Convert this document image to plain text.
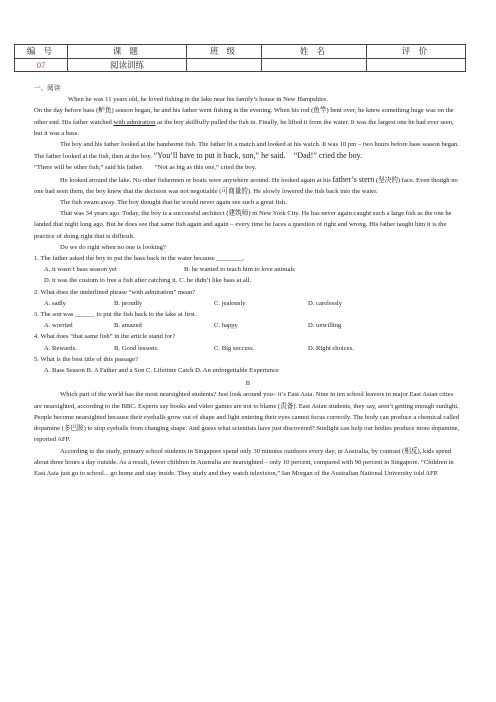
编 号	课 题	班 级	姓 名	评 价
07	阅读训练			

一、阅读

When he was 11 years old, he loved fishing in the lake near his family’s house in New Hampshire.

On the day before bass (鲈鱼) season began, he and his father went fishing in the evening. When his rod (鱼竿) bent over, he knew something huge was on the other end. His father watched with admiration as the boy skillfully pulled the fish in. Finally, he lifted it from the water. It was the largest one he had ever seen, but it was a bass.

The boy and his father looked at the handsome fish. The father lit a match and looked at his watch. It was 10 pm – two hours before bass season began. The father looked at the fish, then at the boy. “You’ll have to put it back, son,” he said. “Dad!” cried the boy.

“There will be other fish,” said his father. “Not as big as this one,” cried the boy.

He looked around the lake. No other fishermen or boats were anywhere around. He looked again at his father’s stern (坚决的) face. Even though no one had seen them, the boy knew that the decision was not negotiable (可商量的). He slowly lowered the fish back into the water.

The fish swam away. The boy thought that he would never again see such a great fish.

That was 34 years ago. Today, the boy is a successful architect (建筑师) in New York City. He has never again caught such a large fish as the one he landed that night long ago. But he does see that same fish again and again – every time he faces a question of right and wrong. His father taught him it is the practice of doing right that is difficult.

Do we do right when no one is looking?

1. The father asked the boy to put the bass back in the water because ________.

A. it wasn’t bass season yet	B. he wanted to teach him to love animals

D. it was the custom to free a fish after catching it. C. he didn’t like bass at all.

2. What does the underlined phrase “with admiration” mean?

A. sadly	B. proudly	C. jealously	D. carelessly

3. The son was ______ to put the fish back to the lake at first.

A. worried	B. amazed	C. happy	D. unwilling

4. What does “that same fish” in the article stand for?

A. Rewards.	B. Good lessons.	C. Big success.	D. Right choices.

5. What is the best title of this passage?

A. Bass Season B. A Father and a Son C. Lifetime Catch D. An unforgettable Experience

B

Which part of the world has the most nearsighted students? Just look around you– it’s East Asia. Nine in ten school leavers in major East Asian cities are nearsighted, according to the BBC. Experts say books and video games are not to blame (责备). East Asian students, they say, aren’t getting enough sunlight. People become nearsighted because their eyeballs grow out of shape and light entering their eyes cannot focus correctly. The body can produce a chemical called dopamine (多巴胺) to stop eyeballs from changing shape. And guess what scientists have just discovered? Sunlight can help our bodies produce more dopamine, reported AFP.

According to the study, primary school students in Singapore spend only 30 minutes outdoors every day, in Australia, by contrast (相反), kids spend about three hours a day outside. As a result, fewer children in Australia are nearsighted – only 10 percent, compared with 90 percent in Singapore. “Children in East Asia just go to school... go home and stay inside. They study and they watch television,” Ian Morgan of the Australian National University told AFP.
